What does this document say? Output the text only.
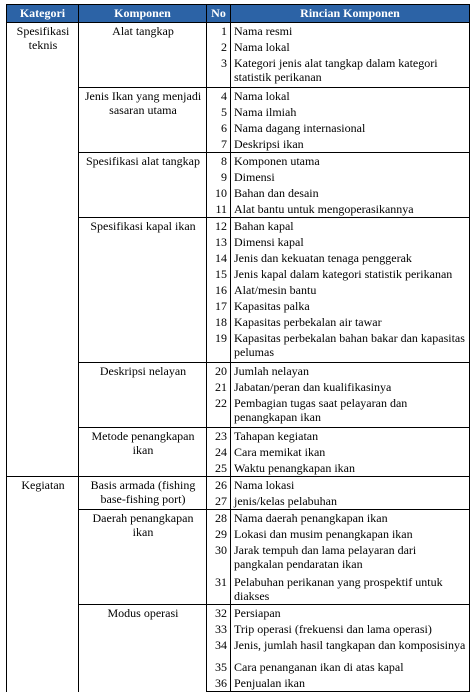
Kategori	Komponen	No	Rincian Komponen
Spesifikasi teknis	Alat tangkap	1	Nama resmi
		2	Nama lokal
		3	Kategori jenis alat tangkap dalam kategori statistik perikanan
	Jenis Ikan yang menjadi sasaran utama	4	Nama lokal
		5	Nama ilmiah
		6	Nama dagang internasional
		7	Deskripsi ikan
	Spesifikasi alat tangkap	8	Komponen utama
		9	Dimensi
		10	Bahan dan desain
		11	Alat bantu untuk mengoperasikannya
	Spesifikasi kapal ikan	12	Bahan kapal
		13	Dimensi kapal
		14	Jenis dan kekuatan tenaga penggerak
		15	Jenis kapal dalam kategori statistik perikanan
		16	Alat/mesin bantu
		17	Kapasitas palka
		18	Kapasitas perbekalan air tawar
		19	Kapasitas perbekalan bahan bakar dan kapasitas pelumas
	Deskripsi nelayan	20	Jumlah nelayan
		21	Jabatan/peran dan kualifikasinya
		22	Pembagian tugas saat pelayaran dan penangkapan ikan
	Metode penangkapan ikan	23	Tahapan kegiatan
		24	Cara memikat ikan
		25	Waktu penangkapan ikan
Kegiatan	Basis armada (fishing base-fishing port)	26	Nama lokasi
		27	jenis/kelas pelabuhan
	Daerah penangkapan ikan	28	Nama daerah penangkapan ikan
		29	Lokasi dan musim penangkapan ikan
		30	Jarak tempuh dan lama pelayaran dari pangkalan pendaratan ikan
		31	Pelabuhan perikanan yang prospektif untuk diakses
	Modus operasi	32	Persiapan
		33	Trip operasi (frekuensi dan lama operasi)
		34	Jenis, jumlah hasil tangkapan dan komposisinya
		35	Cara penanganan ikan di atas kapal
		36	Penjualan ikan
